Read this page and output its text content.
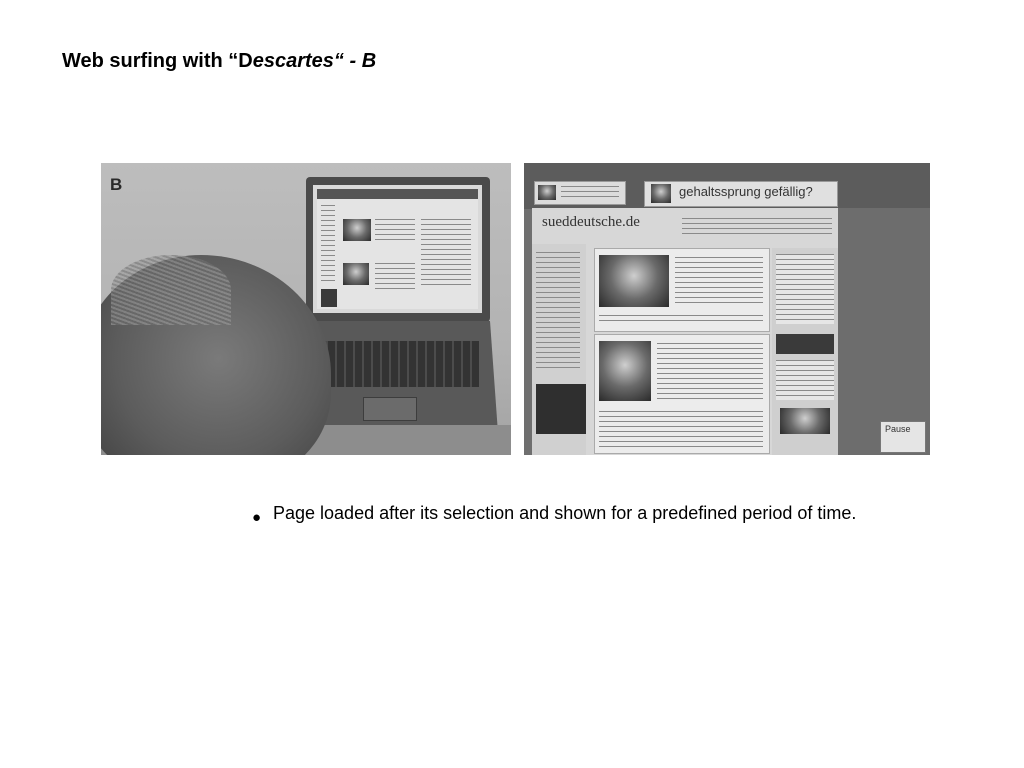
Web surfing with “Descartes“ - B
B	gehaltssprung gefällig?
sueddeutsche.de
Pause
● Page loaded after its selection and shown for a predefined period of time.
